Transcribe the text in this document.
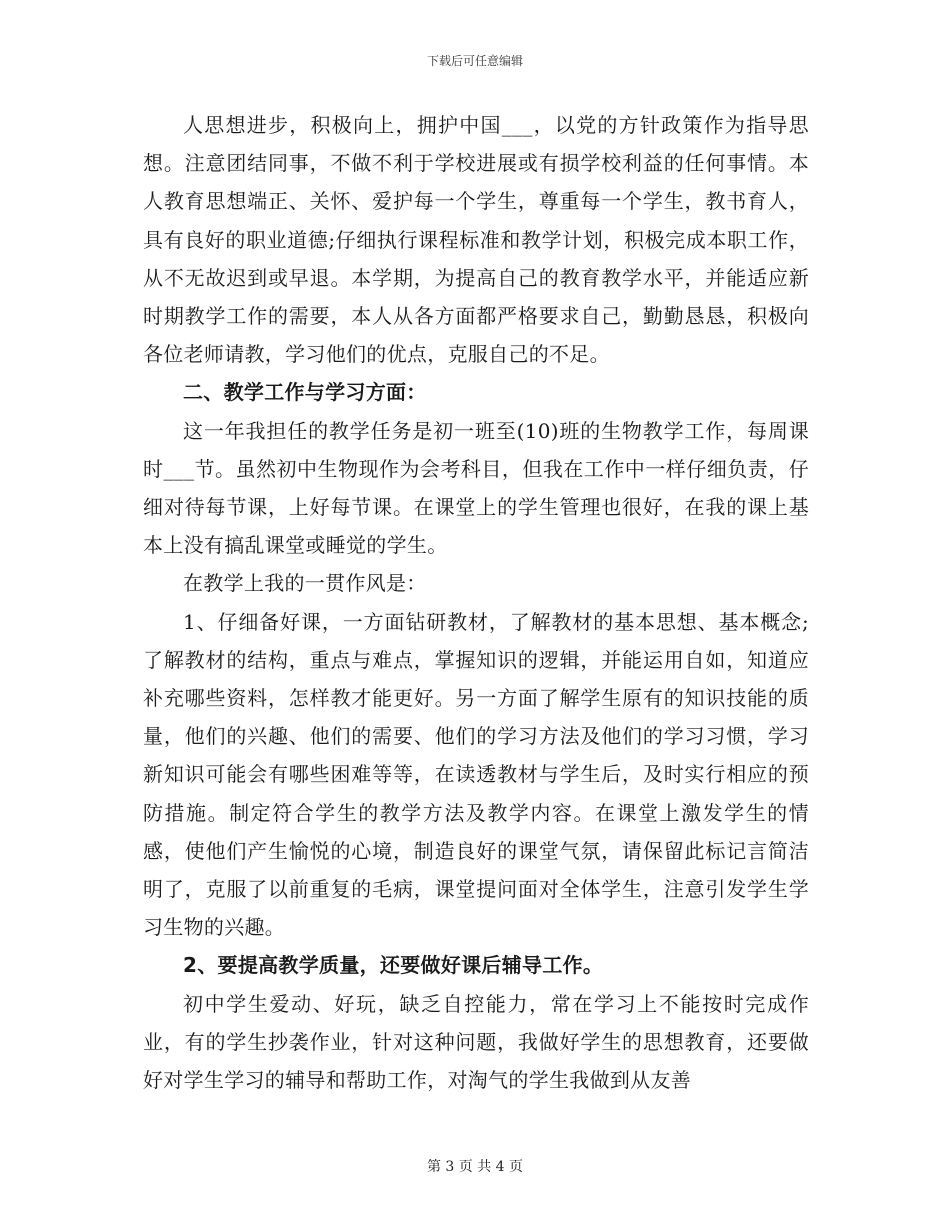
下载后可任意编辑

人思想进步，积极向上，拥护中国___，以党的方针政策作为指导思想。注意团结同事，不做不利于学校进展或有损学校利益的任何事情。本人教育思想端正、关怀、爱护每一个学生，尊重每一个学生，教书育人，具有良好的职业道德;仔细执行课程标准和教学计划，积极完成本职工作，从不无故迟到或早退。本学期，为提高自己的教育教学水平，并能适应新时期教学工作的需要，本人从各方面都严格要求自己，勤勤恳恳，积极向各位老师请教，学习他们的优点，克服自己的不足。

二、教学工作与学习方面：

这一年我担任的教学任务是初一班至(10)班的生物教学工作，每周课时___节。虽然初中生物现作为会考科目，但我在工作中一样仔细负责，仔细对待每节课，上好每节课。在课堂上的学生管理也很好，在我的课上基本上没有搞乱课堂或睡觉的学生。

在教学上我的一贯作风是：

1、仔细备好课，一方面钻研教材，了解教材的基本思想、基本概念;了解教材的结构，重点与难点，掌握知识的逻辑，并能运用自如，知道应补充哪些资料，怎样教才能更好。另一方面了解学生原有的知识技能的质量，他们的兴趣、他们的需要、他们的学习方法及他们的学习习惯，学习新知识可能会有哪些困难等等，在读透教材与学生后，及时实行相应的预防措施。制定符合学生的教学方法及教学内容。在课堂上激发学生的情感，使他们产生愉悦的心境，制造良好的课堂气氛，请保留此标记言简洁明了，克服了以前重复的毛病，课堂提问面对全体学生，注意引发学生学习生物的兴趣。

2、要提高教学质量，还要做好课后辅导工作。

初中学生爱动、好玩，缺乏自控能力，常在学习上不能按时完成作业，有的学生抄袭作业，针对这种问题，我做好学生的思想教育，还要做好对学生学习的辅导和帮助工作，对淘气的学生我做到从友善

第 3 页 共 4 页
